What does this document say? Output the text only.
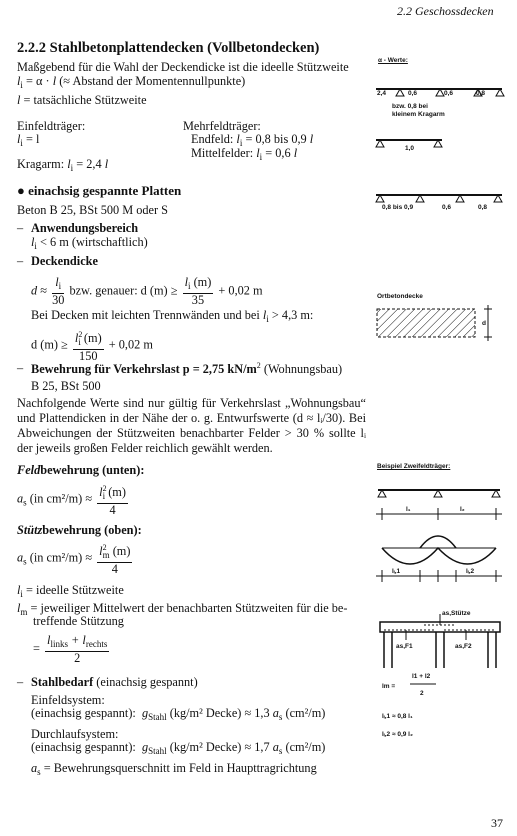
2.2 Geschossdecken
2.2.2 Stahlbetonplattendecken (Vollbetondecken)
Maßgebend für die Wahl der Deckendicke ist die ideelle Stützweite
$l_i = \alpha \cdot l$ (≈ Abstand der Momentennullpunkte)
l = tatsächliche Stützweite
Einfeldträger:
$l_i = l$
Mehrfeldträger:
Endfeld: $l_i = 0,8$ bis 0,9 l
Mittelfelder: $l_i = 0,6$ l
Kragarm: $l_i = 2,4$ l
● einachsig gespannte Platten
Beton B 25, BSt 500 M oder S
– Anwendungsbereich
$l_i < 6$ m (wirtschaftlich)
– Deckendicke
$d \approx \frac{l_i}{30}$ bzw. genauer: d $(m) \ge \frac{l_i (m)}{35} + 0,02$ m
Bei Decken mit leichten Trennwänden und bei $l_i > 4,3$ m:
d $(m) \ge \frac{l^2_i (m)}{150} + 0,02$ m
– Bewehrung für Verkehrslast p = 2,75 $kN/m^2$ (Wohnungsbau)
B 25, BSt 500
Nachfolgende Werte sind nur gültig für Verkehrslast „Wohnungsbau“ und Plattendicken in der Nähe der o. g. Entwurfswerte (d ≈ lᵢ/30). Bei Abweichungen der Stützweiten benachbarter Felder > 30 % sollte lᵢ der jeweils großen Felder reichlich gewählt werden.
Feldbewehrung (unten):
$a_s$ (in $cm^2/m) \approx \frac{l^2_i (m)}{4}$
Stützbewehrung (oben):
$a_s$ (in $cm^2/m) \approx \frac{l^2_m (m)}{4}$
$l_i$ = ideelle Stützweite
$l_m$ = jeweiliger Mittelwert der benachbarten Stützweiten für die be-
treffende Stützung
= $\frac{l_{links} + l_{rechts}}{2}$
– Stahlbedarf (einachsig gespannt)
Einfeldsystem:
(einachsig gespannt): $g_{Stahl}$ (kg/m² Decke) ≈ 1,3 $a_s$ (cm²/m)
Durchlaufsystem:
(einachsig gespannt): $g_{Stahl}$ (kg/m² Decke) ≈ 1,7 $a_s$ (cm²/m)
$a_s$ = Bewehrungsquerschnitt im Feld in Haupttragrichtung
37
α - Werte:
2,4	0,6	0,6	0,8
bzw. 0,8 bei
kleinem Kragarm
1,0
0,8 bis 0,9	0,6	0,8
Ortbetondecke
d
Beispiel Zweifeldträger:
l₁	l₂
lᵢ,1	lᵢ,2
as,Stütze
as,F1	as,F2
lm =
l1 + l2
2
lᵢ,1 ≈ 0,8 l₁
lᵢ,2 ≈ 0,9 l₂
